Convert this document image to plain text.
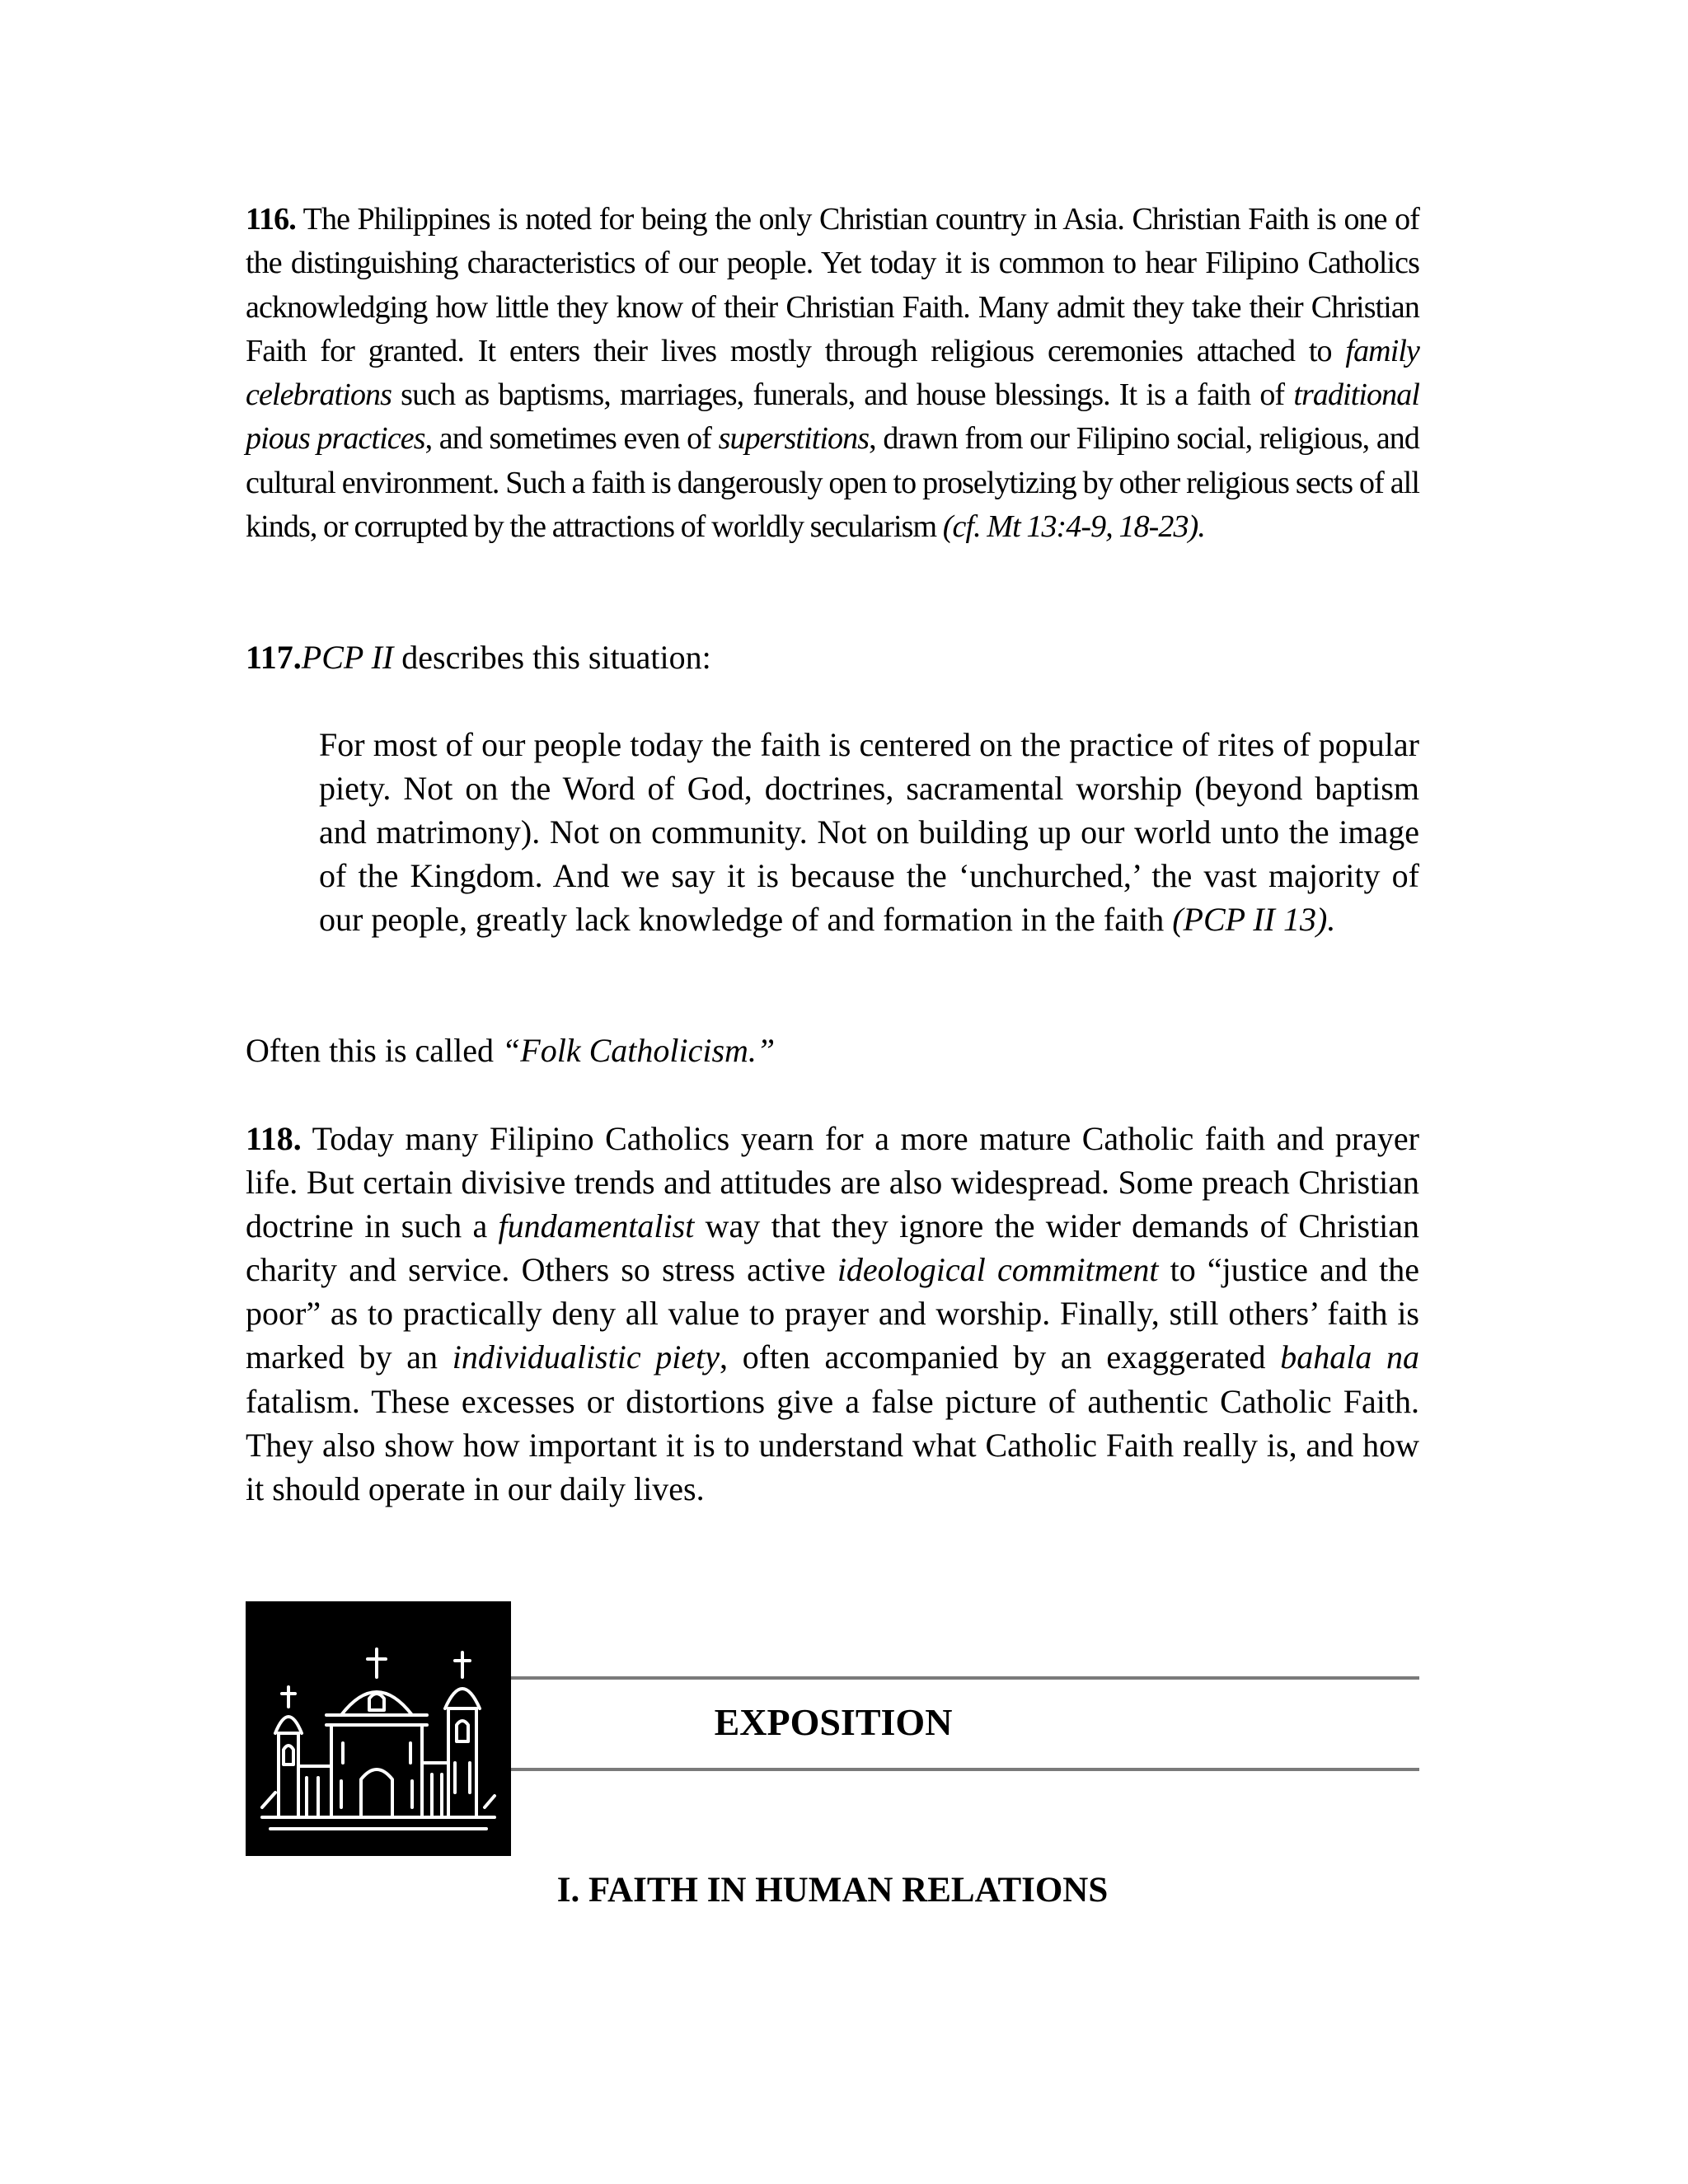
116. The Philippines is noted for being the only Christian country in Asia. Christian Faith is one of the distinguishing characteristics of our people. Yet today it is common to hear Filipino Catholics acknowledging how little they know of their Christian Faith. Many admit they take their Christian Faith for granted. It enters their lives mostly through religious ceremonies attached to family celebrations such as baptisms, marriages, funerals, and house blessings. It is a faith of traditional pious practices, and sometimes even of superstitions, drawn from our Filipino social, religious, and cultural environment. Such a faith is dangerously open to proselytizing by other religious sects of all kinds, or corrupted by the attractions of worldly secularism (cf. Mt 13:4-9, 18-23).

117.PCP II describes this situation:

For most of our people today the faith is centered on the practice of rites of popular piety. Not on the Word of God, doctrines, sacramental worship (beyond baptism and matrimony). Not on community. Not on building up our world unto the image of the Kingdom. And we say it is because the ‘unchurched,’ the vast majority of our people, greatly lack knowledge of and formation in the faith (PCP II 13).

Often this is called “Folk Catholicism.”

118. Today many Filipino Catholics yearn for a more mature Catholic faith and prayer life. But certain divisive trends and attitudes are also widespread. Some preach Christian doctrine in such a fundamentalist way that they ignore the wider demands of Christian charity and service. Others so stress active ideological commitment to “justice and the poor” as to practically deny all value to prayer and worship. Finally, still others’ faith is marked by an individualistic piety, often accompanied by an exaggerated bahala na fatalism. These excesses or distortions give a false picture of authentic Catholic Faith. They also show how important it is to understand what Catholic Faith really is, and how it should operate in our daily lives.

EXPOSITION
I. FAITH IN HUMAN RELATIONS
